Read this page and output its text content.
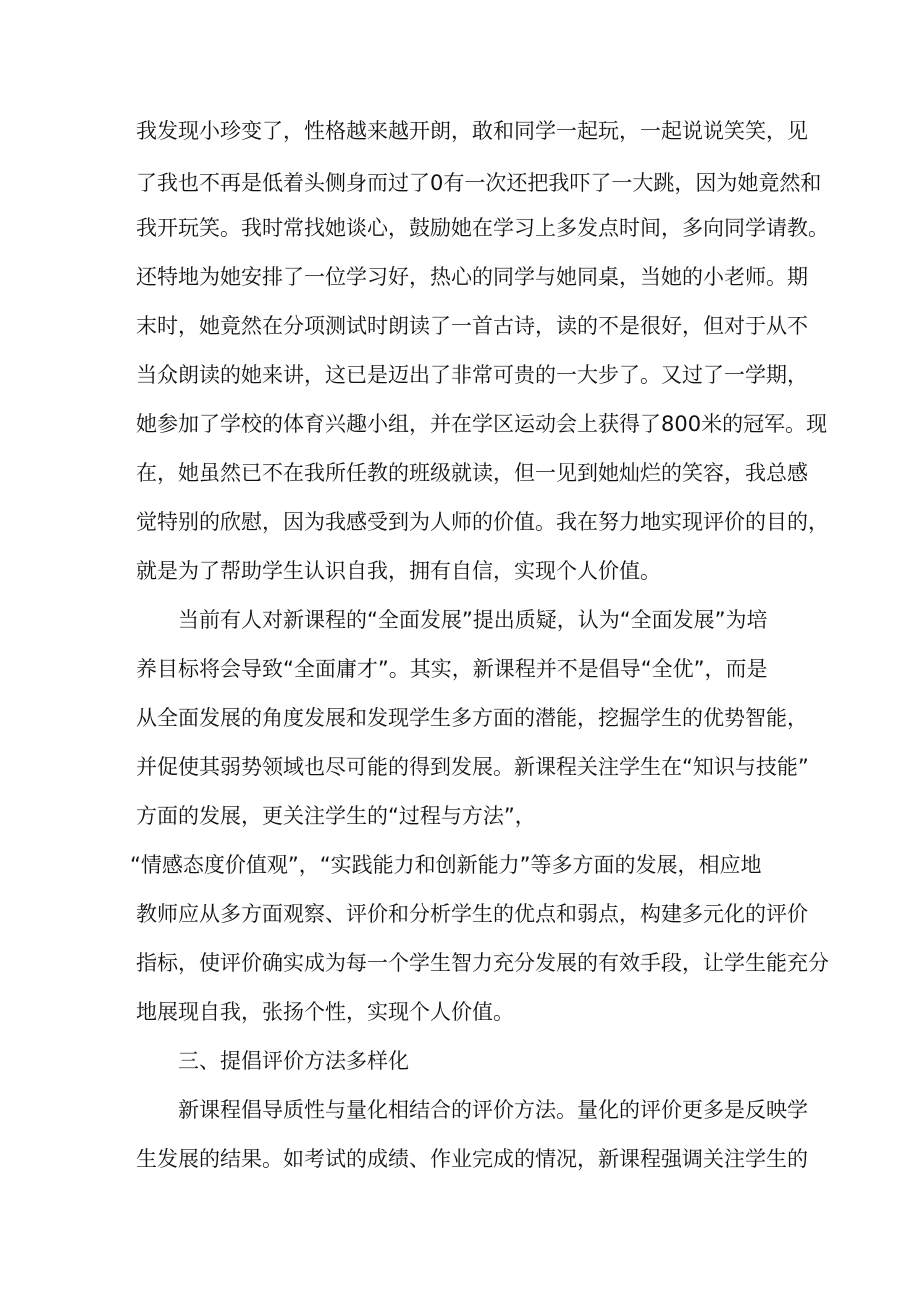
我发现小珍变了，性格越来越开朗，敢和同学一起玩，一起说说笑笑，见
了我也不再是低着头侧身而过了0有一次还把我吓了一大跳，因为她竟然和
我开玩笑。我时常找她谈心，鼓励她在学习上多发点时间，多向同学请教。
还特地为她安排了一位学习好，热心的同学与她同桌，当她的小老师。期
末时，她竟然在分项测试时朗读了一首古诗，读的不是很好，但对于从不
当众朗读的她来讲，这已是迈出了非常可贵的一大步了。又过了一学期，
她参加了学校的体育兴趣小组，并在学区运动会上获得了800米的冠军。现
在，她虽然已不在我所任教的班级就读，但一见到她灿烂的笑容，我总感
觉特别的欣慰，因为我感受到为人师的价值。我在努力地实现评价的目的，
就是为了帮助学生认识自我，拥有自信，实现个人价值。
当前有人对新课程的“全面发展”提出质疑，认为“全面发展”为培
养目标将会导致“全面庸才”。其实，新课程并不是倡导“全优”，而是
从全面发展的角度发展和发现学生多方面的潜能，挖掘学生的优势智能，
并促使其弱势领域也尽可能的得到发展。新课程关注学生在“知识与技能”
方面的发展，更关注学生的“过程与方法”，
“情感态度价值观”，“实践能力和创新能力”等多方面的发展，相应地
教师应从多方面观察、评价和分析学生的优点和弱点，构建多元化的评价
指标，使评价确实成为每一个学生智力充分发展的有效手段，让学生能充分
地展现自我，张扬个性，实现个人价值。
三、提倡评价方法多样化
新课程倡导质性与量化相结合的评价方法。量化的评价更多是反映学
生发展的结果。如考试的成绩、作业完成的情况，新课程强调关注学生的
